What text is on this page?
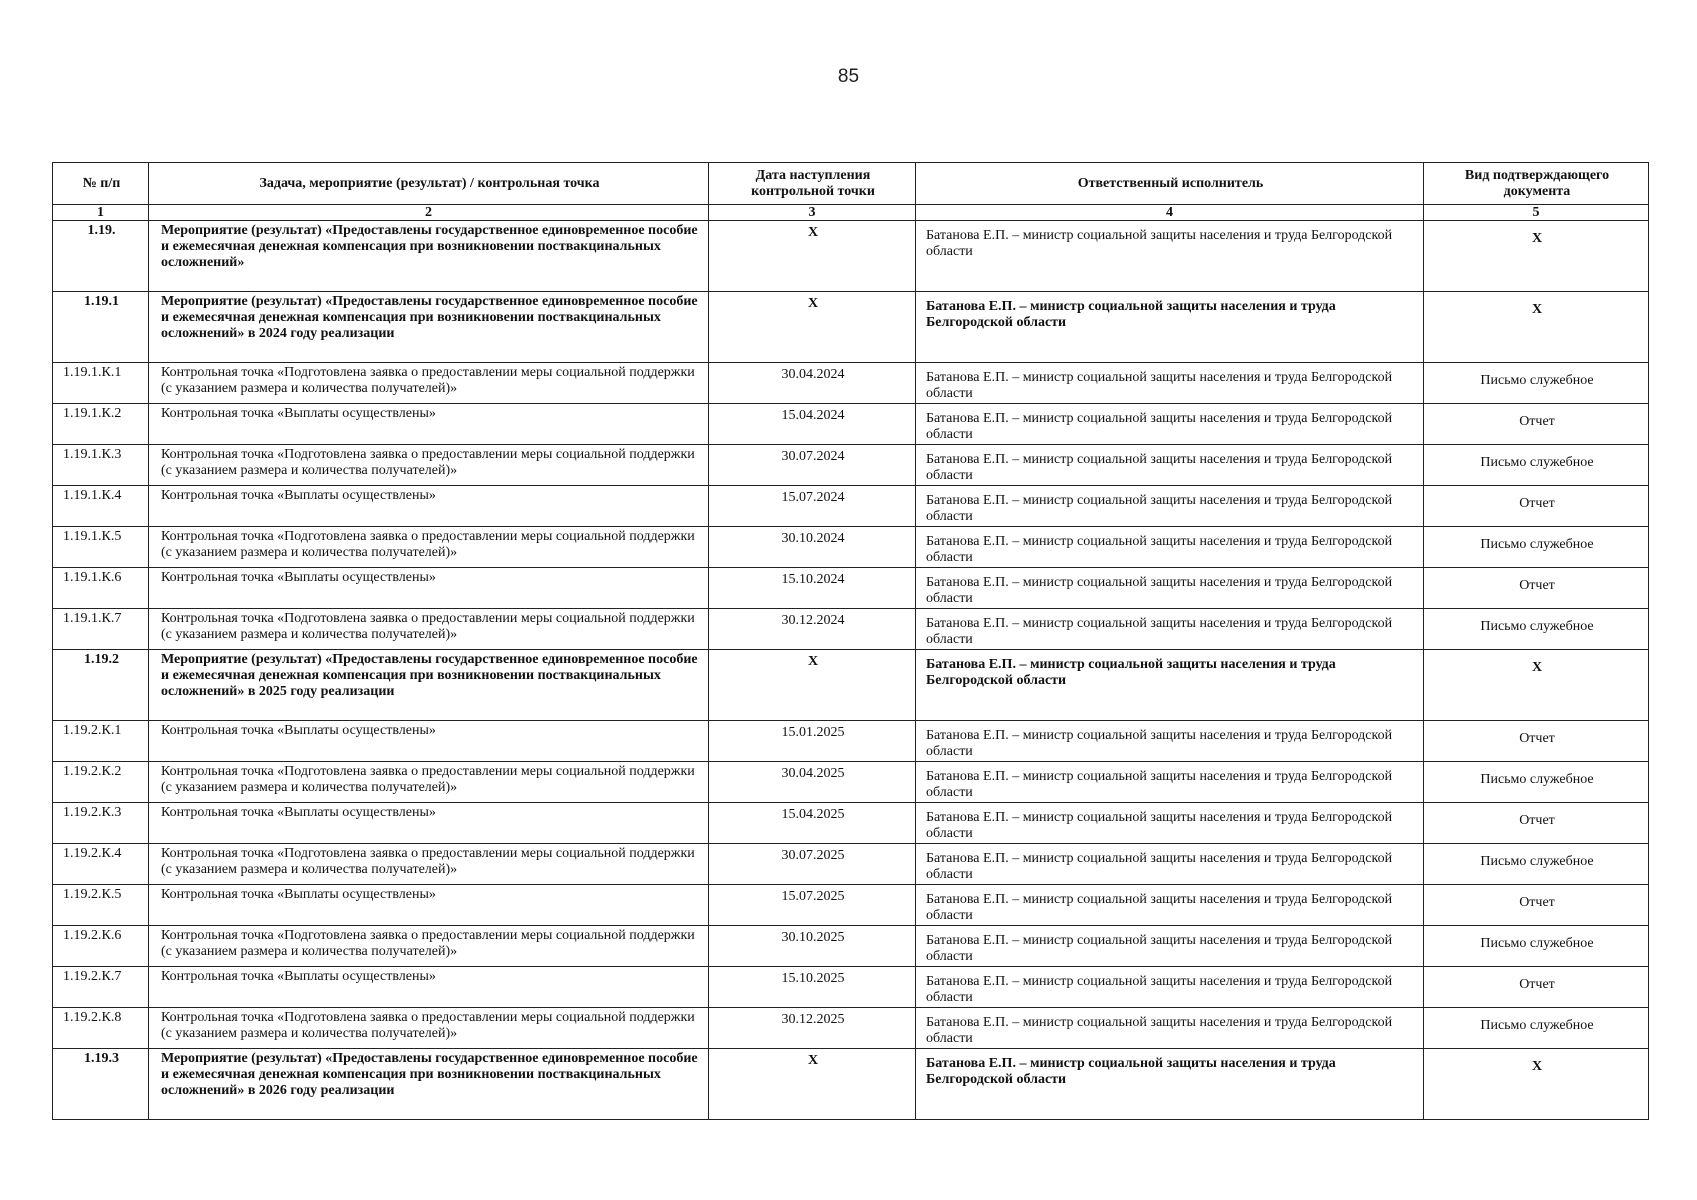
85
№ п/п	Задача, мероприятие (результат) / контрольная точка	Дата наступления контрольной точки	Ответственный исполнитель	Вид подтверждающего документа
1	2	3	4	5
1.19.	Мероприятие (результат) «Предоставлены государственное единовременное пособие и ежемесячная денежная компенсация при возникновении поствакцинальных осложнений»	X	Батанова Е.П. – министр социальной защиты населения и труда Белгородской области	X
1.19.1	Мероприятие (результат) «Предоставлены государственное единовременное пособие и ежемесячная денежная компенсация при возникновении поствакцинальных осложнений» в 2024 году реализации	X	Батанова Е.П. – министр социальной защиты населения и труда Белгородской области	X
1.19.1.К.1	Контрольная точка «Подготовлена заявка о предоставлении меры социальной поддержки (с указанием размера и количества получателей)»	30.04.2024	Батанова Е.П. – министр социальной защиты населения и труда Белгородской области	Письмо служебное
1.19.1.К.2	Контрольная точка «Выплаты осуществлены»	15.04.2024	Батанова Е.П. – министр социальной защиты населения и труда Белгородской области	Отчет
1.19.1.К.3	Контрольная точка «Подготовлена заявка о предоставлении меры социальной поддержки (с указанием размера и количества получателей)»	30.07.2024	Батанова Е.П. – министр социальной защиты населения и труда Белгородской области	Письмо служебное
1.19.1.К.4	Контрольная точка «Выплаты осуществлены»	15.07.2024	Батанова Е.П. – министр социальной защиты населения и труда Белгородской области	Отчет
1.19.1.К.5	Контрольная точка «Подготовлена заявка о предоставлении меры социальной поддержки (с указанием размера и количества получателей)»	30.10.2024	Батанова Е.П. – министр социальной защиты населения и труда Белгородской области	Письмо служебное
1.19.1.К.6	Контрольная точка «Выплаты осуществлены»	15.10.2024	Батанова Е.П. – министр социальной защиты населения и труда Белгородской области	Отчет
1.19.1.К.7	Контрольная точка «Подготовлена заявка о предоставлении меры социальной поддержки (с указанием размера и количества получателей)»	30.12.2024	Батанова Е.П. – министр социальной защиты населения и труда Белгородской области	Письмо служебное
1.19.2	Мероприятие (результат) «Предоставлены государственное единовременное пособие и ежемесячная денежная компенсация при возникновении поствакцинальных осложнений» в 2025 году реализации	X	Батанова Е.П. – министр социальной защиты населения и труда Белгородской области	X
1.19.2.К.1	Контрольная точка «Выплаты осуществлены»	15.01.2025	Батанова Е.П. – министр социальной защиты населения и труда Белгородской области	Отчет
1.19.2.К.2	Контрольная точка «Подготовлена заявка о предоставлении меры социальной поддержки (с указанием размера и количества получателей)»	30.04.2025	Батанова Е.П. – министр социальной защиты населения и труда Белгородской области	Письмо служебное
1.19.2.К.3	Контрольная точка «Выплаты осуществлены»	15.04.2025	Батанова Е.П. – министр социальной защиты населения и труда Белгородской области	Отчет
1.19.2.К.4	Контрольная точка «Подготовлена заявка о предоставлении меры социальной поддержки (с указанием размера и количества получателей)»	30.07.2025	Батанова Е.П. – министр социальной защиты населения и труда Белгородской области	Письмо служебное
1.19.2.К.5	Контрольная точка «Выплаты осуществлены»	15.07.2025	Батанова Е.П. – министр социальной защиты населения и труда Белгородской области	Отчет
1.19.2.К.6	Контрольная точка «Подготовлена заявка о предоставлении меры социальной поддержки (с указанием размера и количества получателей)»	30.10.2025	Батанова Е.П. – министр социальной защиты населения и труда Белгородской области	Письмо служебное
1.19.2.К.7	Контрольная точка «Выплаты осуществлены»	15.10.2025	Батанова Е.П. – министр социальной защиты населения и труда Белгородской области	Отчет
1.19.2.К.8	Контрольная точка «Подготовлена заявка о предоставлении меры социальной поддержки (с указанием размера и количества получателей)»	30.12.2025	Батанова Е.П. – министр социальной защиты населения и труда Белгородской области	Письмо служебное
1.19.3	Мероприятие (результат) «Предоставлены государственное единовременное пособие и ежемесячная денежная компенсация при возникновении поствакцинальных осложнений» в 2026 году реализации	X	Батанова Е.П. – министр социальной защиты населения и труда Белгородской области	X
